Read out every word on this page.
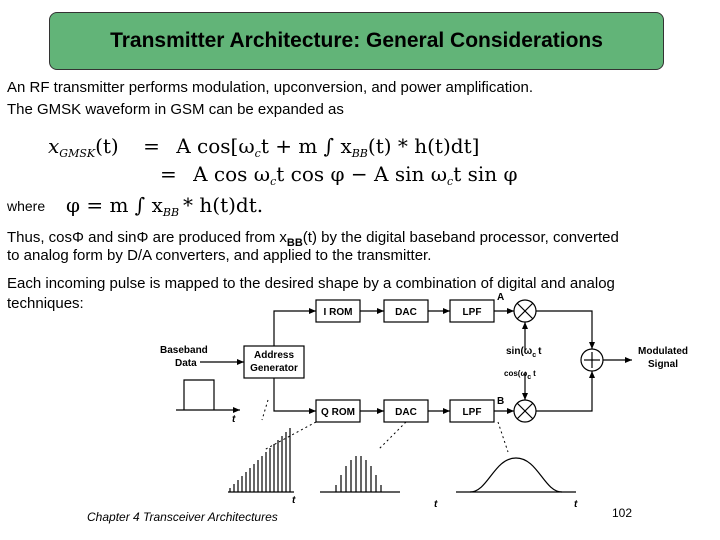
Transmitter Architecture: General Considerations
An RF transmitter performs modulation, upconversion, and power amplification.
The GMSK waveform in GSM can be expanded as
$x_{GMSK}(t) = A$ $\cos[\omega_ct + m$ ∫ $x_{BB}(t) * h(t)dt$]
= A $\cos \omega_ct$ cos φ − A $\sin \omega_ct$ sin φ
where φ = m ∫ $x_{BB} * h(t)dt$.
Thus, cosΦ and sinΦ are produced from $x_{BB}(t)$ by the digital baseband processor, converted
to analog form by D/A converters, and applied to the transmitter.
Each incoming pulse is mapped to the desired shape by a combination of digital and analog
techniques:
Baseband
Data
Address
Generator
I ROM	DAC	LPF
Q ROM	DAC	LPF
A
B
Modulated
Signal
$\sin(\omega_c$ t
cos(ωc t
t
t	t	t
Chapter 4 Transceiver Architectures	102
